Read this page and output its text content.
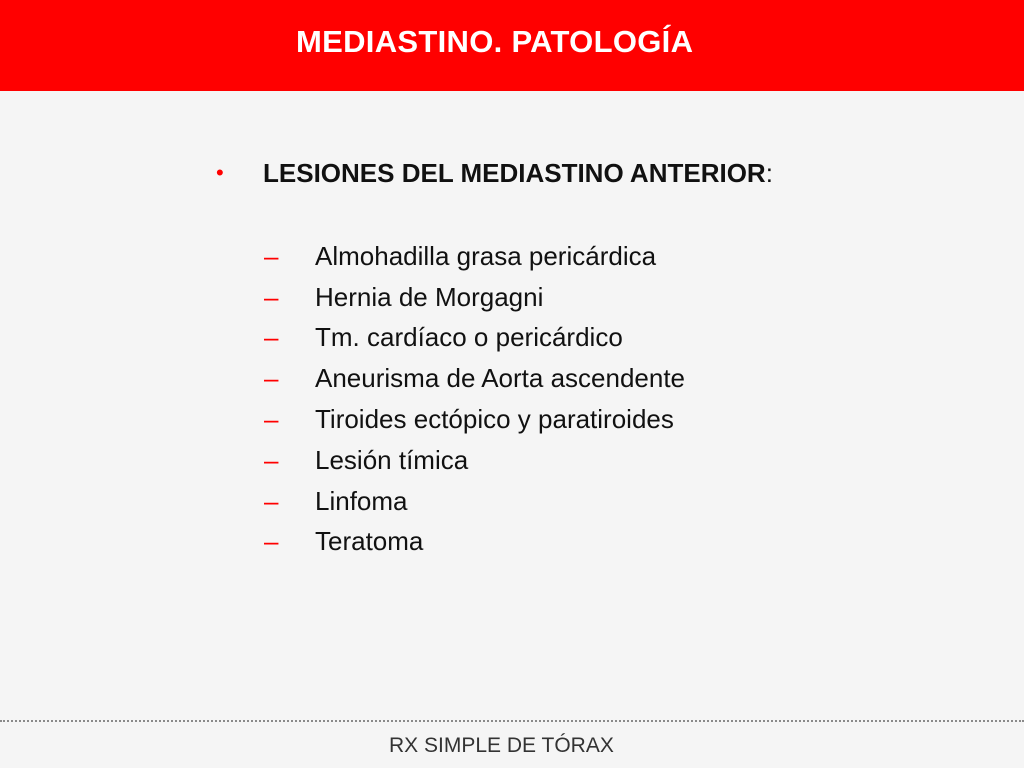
MEDIASTINO. PATOLOGÍA
•	LESIONES DEL MEDIASTINO ANTERIOR :
–	Almohadilla grasa pericárdica
–	Hernia de Morgagni
–	Tm. cardíaco o pericárdico
–	Aneurisma de Aorta ascendente
–	Tiroides ectópico y paratiroides
–	Lesión tímica
–	Linfoma
–	Teratoma
RX SIMPLE DE TÓRAX
